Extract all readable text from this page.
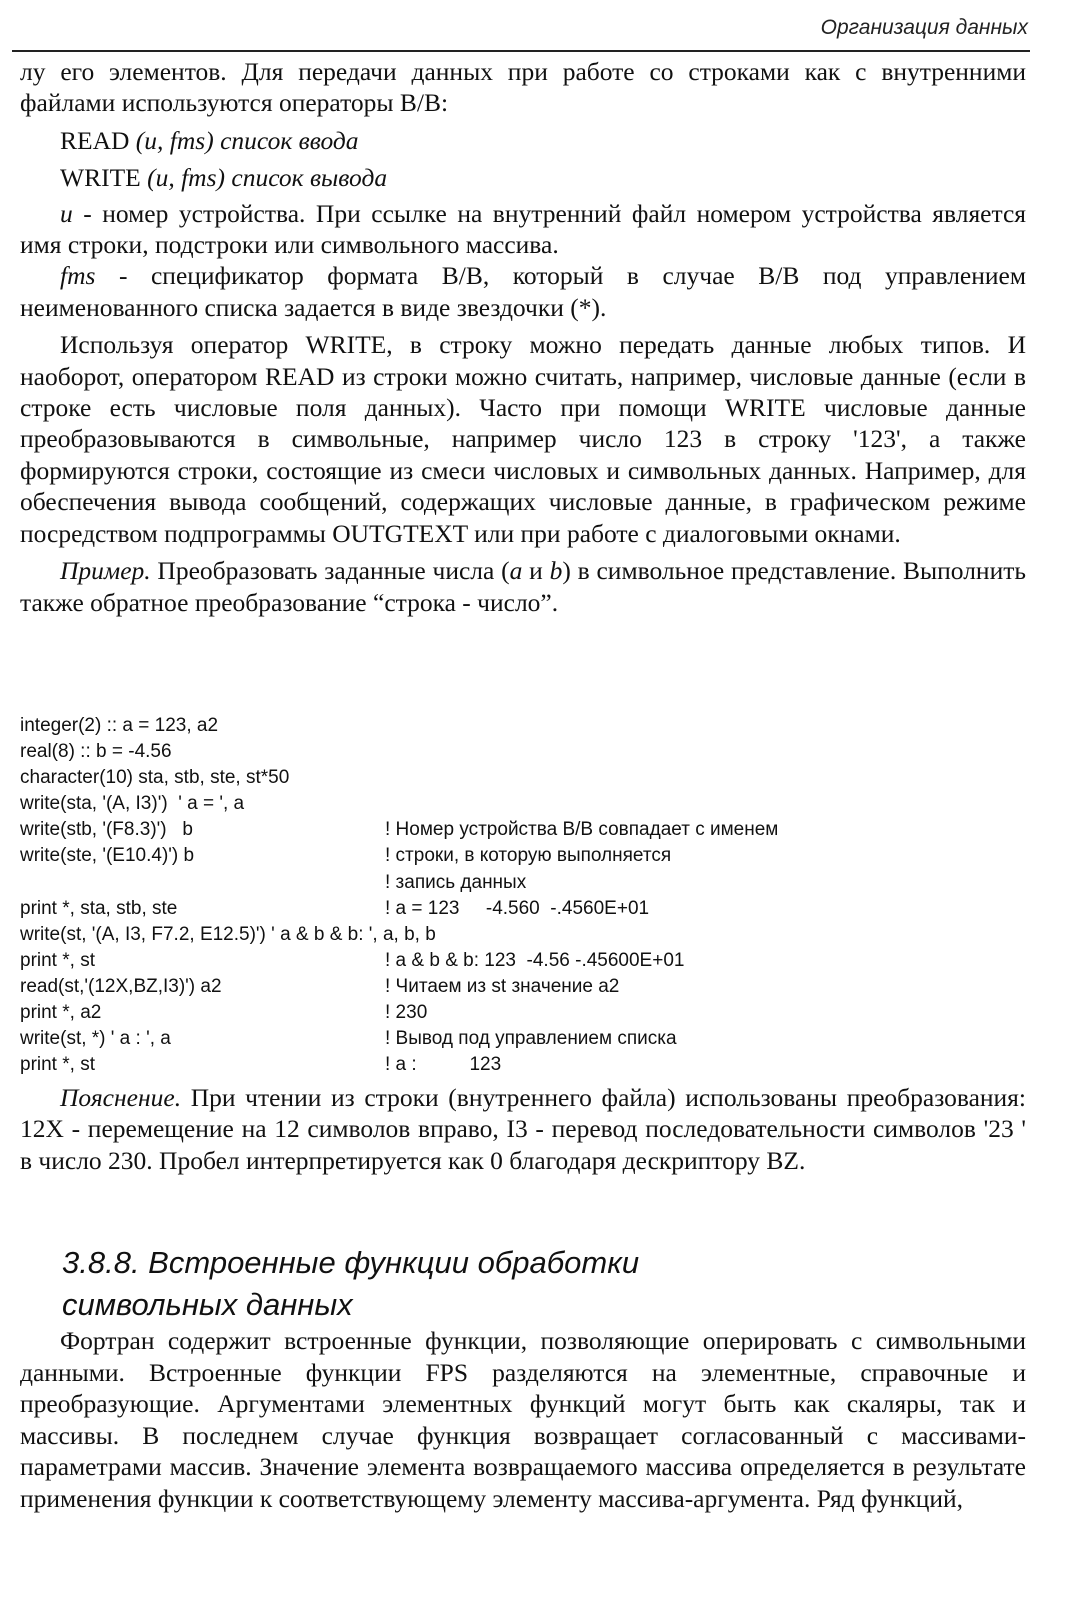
Организация данных

лу его элементов. Для передачи данных при работе со строками как с внутренними файлами используются операторы В/В:

READ (u, fms) список ввода

WRITE (u, fms) список вывода

u - номер устройства. При ссылке на внутренний файл номером устройства является имя строки, подстроки или символьного массива.

fms - спецификатор формата В/В, который в случае В/В под управлением неименованного списка задается в виде звездочки (*).

Используя оператор WRITE, в строку можно передать данные любых типов. И наоборот, оператором READ из строки можно считать, например, числовые данные (если в строке есть числовые поля данных). Часто при помощи WRITE числовые данные преобразовываются в символьные, например число 123 в строку '123', а также формируются строки, состоящие из смеси числовых и символьных данных. Например, для обеспечения вывода сообщений, содержащих числовые данные, в графическом режиме посредством подпрограммы OUTGTEXT или при работе с диалоговыми окнами.

Пример. Преобразовать заданные числа (a и b) в символьное представление. Выполнить также обратное преобразование “строка - число”.

integer(2) :: a = 123, a2
real(8) :: b = -4.56
character(10) sta, stb, ste, st*50
write(sta, '(A, I3)')  ' a = ', a
write(stb, '(F8.3)')   b	! Номер устройства В/В совпадает с именем
write(ste, '(E10.4)') b	! строки, в которую выполняется
! запись данных
print *, sta, stb, ste	! a = 123     -4.560  -.4560E+01
write(st, '(A, I3, F7.2, E12.5)') ' a & b & b: ', a, b, b
print *, st	! a & b & b: 123  -4.56 -.45600E+01
read(st,'(12X,BZ,I3)') a2	! Читаем из st значение a2
print *, a2	! 230
write(st, *) ' a : ', a	! Вывод под управлением списка
print *, st	! a :          123

Пояснение. При чтении из строки (внутреннего файла) использованы преобразования: 12X - перемещение на 12 символов вправо, I3 - перевод последовательности символов '23 ' в число 230. Пробел интерпретируется как 0 благодаря дескриптору BZ.

3.8.8. Встроенные функции обработки
символьных данных

Фортран содержит встроенные функции, позволяющие оперировать с символьными данными. Встроенные функции FPS разделяются на элементные, справочные и преобразующие. Аргументами элементных функций могут быть как скаляры, так и массивы. В последнем случае функция возвращает согласованный с массивами-параметрами массив. Значение элемента возвращаемого массива определяется в результате применения функции к соответствующему элементу массива-аргумента. Ряд функций,
